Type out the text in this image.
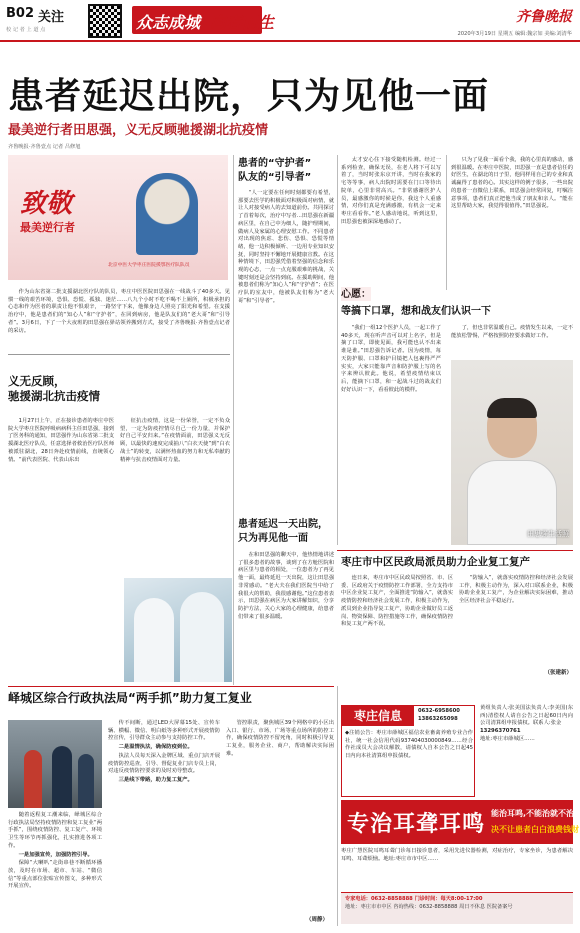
B02 关注
校 记 者 上 道 点	众志成城 向春而生	齐鲁晚报
2020年3月19日 星期五 编辑:魏宗如 美编:刘清华
患者延迟出院，只为见他一面
最美逆行者田思强，义无反顾驰援湖北抗疫情
齐鲁晚报·齐鲁壹点 记者 吕修旭
致敬
最美逆行者
北京中医大学枣庄医院援鄂医疗队队员

作为山东省第二批支援湖北医疗队的队员，枣庄中医医院田思强在一线战斗了40多天。见惯一线的艰苦环境，恐惧、恐慌、孤独、迷茫……八九个小时不吃不喝不上厕所，积极承担的心态和作为医者的职责让他不惧艰辛，一路坚守下来，他像身边人照亮了阳光和希望。在支援治疗中，他是患者们的“知心人”和“守护者”，在回到病房，他是队友们的“老大哥”和“引导者”。3月6日，下了一个大夜班的田思强在驿站领养搬到方式，接受了齐鲁晚报·齐鲁壹点记者的采访。

义无反顾，
驰援湖北抗击疫情

1月27日上午，正在接诊患者的枣庄中医院大学枣庄医院呼吸病病科主任田思强，接到了医务科的通知，田思强作为山东省第二批支援湖北医疗队员，任意选择者救治医疗队医师被派驻湖北，28日奔赴疫情前线，直统领心情。“前代表医院、代表山东出

征抗击疫情，这是一份荣誉，一定不负众望，一定为防疫控情尽自己一份力量，并保护好自己平安归来。”在疫情面前，田思强义无反顾，以最快的速度完成抽八“白衣天使”到“白衣战士”的转变，以满怀热血的努力和无私奉献的精神与抗击疫情面对力量。

患者的“守护者”
队友的“引导者”

“人一定要在任何时刻都要有希望，那要去医学的积极面对积极面对病情，就让人对接受病人的去知道前份。共同探讨了首着每次，治疗中写者…田思强在新疆病区里，在自己中为细人，随护理期间，做病人及家属的心理安慰工作。不同患者对出现的焦虑、悲伤、恐惧、恐慌等情绪，他一边积极倾听、一边用专业知识安抚，同时坚持不懈地开展健康宣教。在这种情境下，田思强凭借着坚强的信念和乐观的心态，一点一点克服艰难的挑战，关键时刻还是会坚持到底。在援助期间，他被患者们称为“知心人”和“守护者”；在医疗队的室友中，他被队友们称为“老大哥”和“引导者”。

患者延迟一天出院，
只为再见他一面

在和田思强的聊天中，他热情地讲述了很多患者的故事，谈到了在方舱医院和病区里与患者的相处，一位患者为了再见他一面，最终延迟一天出院，这让田思强非常感动。“老大夫在我们医院当中给了我很大的帮助，我很感谢他。”这位患者表示，田思强在病区为大家讲解知识，分享防护方法，关心大家的心理健康，给患者们带来了很多温暖。

太才安心住下接受随机检测。经过一系列检查，确保无误，在老人将下可以写着了，当时时张东京开讲，当时在我家的宅等等事，病人出院时需要在门口等待出院单，心里非常高兴。“非常感谢医护人员，最感激你的时候是你，我这个人重感情，对你们真是充满感激，有机会一定来枣庄看看你。”老人感动地说，听到这里，田思强也被深深地感动了。

心愿：
等搞下口罩，想和战友们认识一下

“我们一组12个医护人员，一起工作了40多天，现在听声音可以对上名字，但是摘了口罩，即使见面，我可能也认不出来谁是谁。”田思强告诉记者。因为疫情，每天防护服、口罩和护目镜把人包裹得严严实实，大家只能靠声音和防护服上写的名字来辨认彼此。他说，希望疫情结束以后，能摘下口罩，和一起战斗过的战友们好好认识一下，看看彼此的模样。

只为了见我一面看个我，我的心里真的感动，感到很温暖。在枣庄中医院，田思强一直是患者信任的好医生，在湖北的日子里，他同样用自己的专业和真诚赢得了患者的心。其实这样的例子很多，一些出院的患者一直微信上联系，田思强会经常回复，叮嘱注意事项，患者们真正把他当成了朋友和亲人。“能在这里帮助大家，我觉得很值得。”田思强说。

了，但也非常温暖自己。疫情发生以来，一定不能放松警惕，严格按照防控要求做好工作。

田思强生活照
枣庄市中区民政局派员助力企业复工复产

连日来，枣庄市中区民政局按照省、市、区委、区政府关于疫情防控工作部署，全力支持市中区企业复工复产，全面推进“防输入”，就落实疫情防控和经济社会发展工作，积极主动作为，派员到企业指导复工复产，协助企业做好员工返岗、物资保障、防控措施等工作，确保疫情防控和复工复产两不误。

“防输入”，就落实疫情防控和经济社会发展工作，积极主动作为，深入对口联系企业，积极协助企业复工复产，为企业解决实际困难，推动全区经济社会平稳运行。

（张建新）
峄城区综合行政执法局“两手抓”助力复工复业

随着返程复工潮来临，峄城区综合行政执法局坚持疫情防控和复工复业“两手抓”，围绕疫情防控、复工复产、环境卫生等环节再抓强化，扎实推进各项工作。

一是加强宣传，加强防控引导。

保障“大喇叭”走街串巷不断循环播放，及时在市场、超市、车站、“微信信”等重点部位张贴宣传图文，多种形式开展宣传。

传不间断，通过LED大屏幕15处、宣传车辆、横幅、微信、明白纸等多种形式开展疫情防控宣传，引导群众主动参与支持防控工作。

二是温情执法，确保防疫到位。

执法人员每天深入金牌区域、重点门店开展疫情防控巡查，引导、督促复业门店专员上岗，对违反疫情防控要求的及时劝导整改。

三是线下带路，助力复工复产。

管控职责，聚焦城区39个网格中的小区出入口、银行、市场、广场等重点场所的防控工作，确保疫情防控不留死角，同时积极引导复工复业，服务企业、商户，帮助解决实际困难。

（周静）
枣庄信息	0632-6958600
13863265098
◆注销公告：枣庄市薛城区福信农业畜禽养殖专业合作社，统一社会信用代码937404030000849……经合作社成员大会决议解散，请债权人自本公告之日起45日内向本社清算组申报债权。
黄组负责人:张美国法负责人:李美国(东西)清偿权人请自公告之日起60日内向公司清算组申报债权。联系人:张金
13296370761
地址:枣庄市薛城区……
专治耳聋耳鸣 能治耳鸣,不能治就不治
决不让患者白白浪费钱财
枣庄广慧医院耳鸣耳聋门诊每日接诊患者，采用先进仪器检测，对症治疗，专家坐诊，为患者解决耳鸣、耳聋烦恼。地址:枣庄市市中区……
专家电话：0632-8858888 门诊时间：每天8:00-17:00
地址：枣庄市市中区 咨询热线：0632-8858888 周日不休息 医院备案号
